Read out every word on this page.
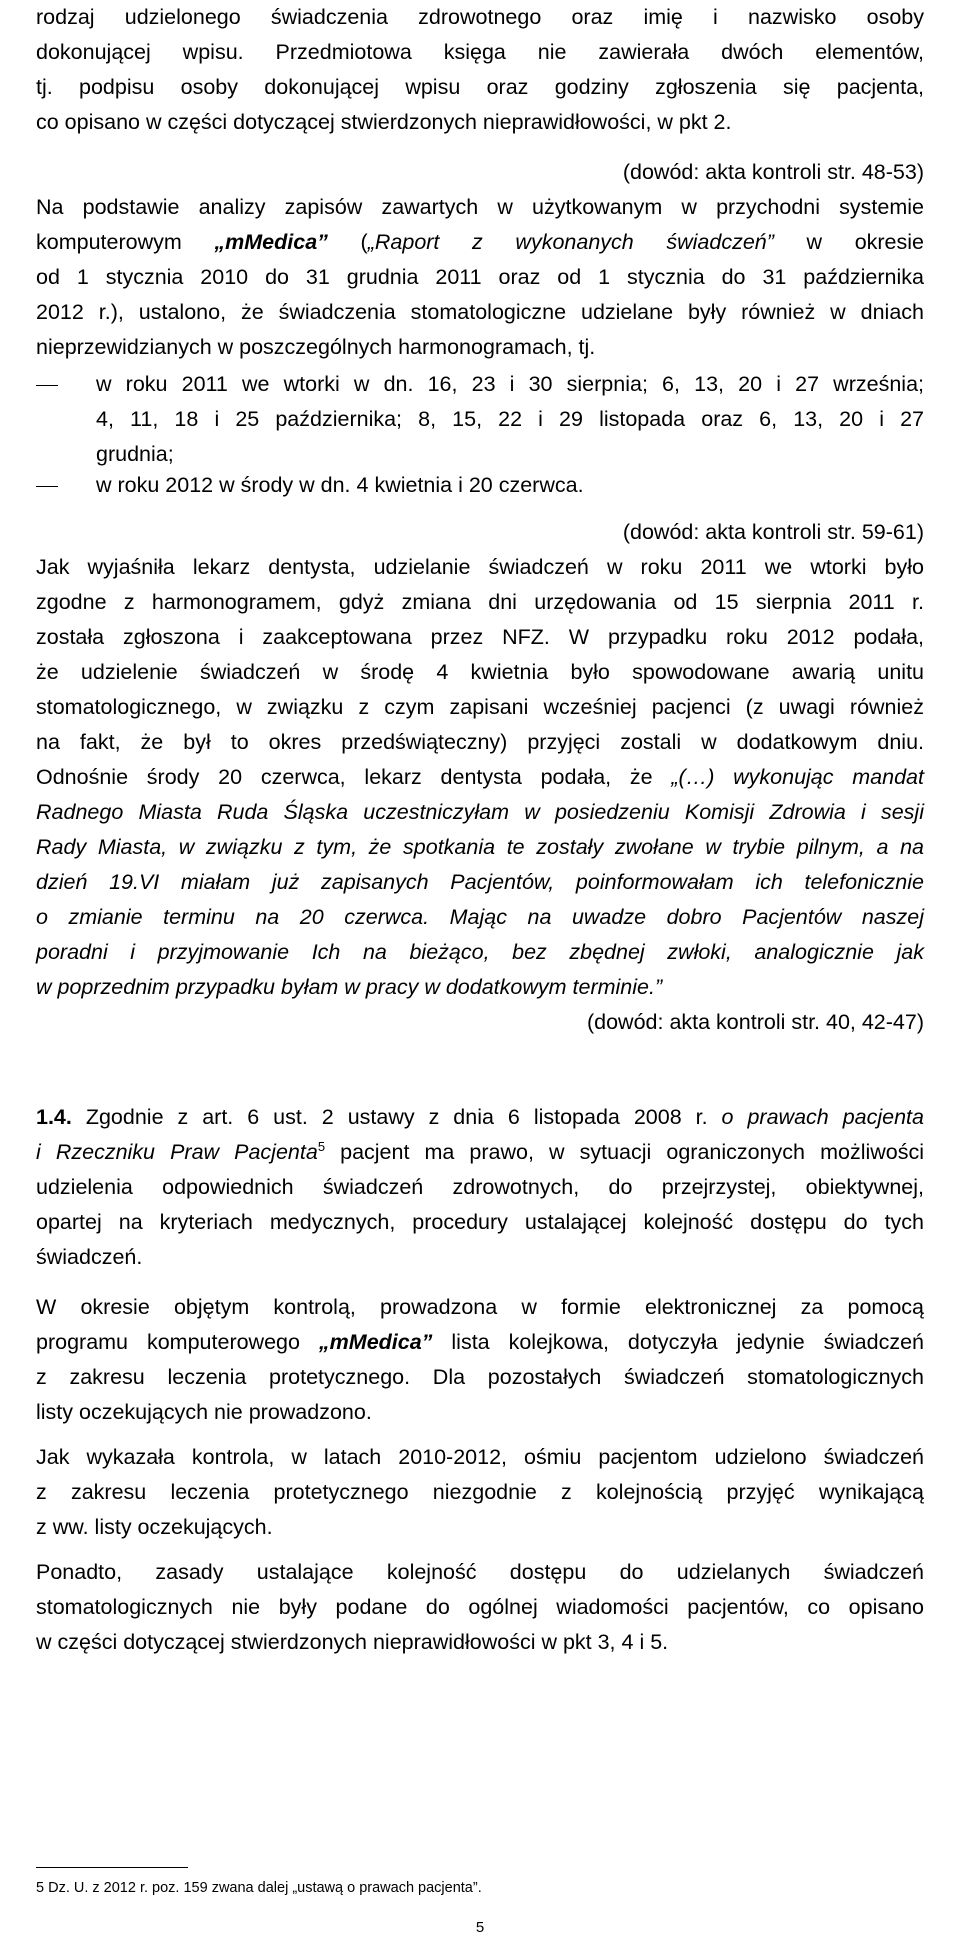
rodzaj udzielonego świadczenia zdrowotnego oraz imię i nazwisko osoby
dokonującej wpisu. Przedmiotowa księga nie zawierała dwóch elementów,
tj. podpisu osoby dokonującej wpisu oraz godziny zgłoszenia się pacjenta,
co opisano w części dotyczącej stwierdzonych nieprawidłowości, w pkt 2.
(dowód: akta kontroli str. 48-53)
Na podstawie analizy zapisów zawartych w użytkowanym w przychodni systemie
komputerowym „mMedica” („Raport z wykonanych świadczeń” w okresie
od 1 stycznia 2010 do 31 grudnia 2011 oraz od 1 stycznia do 31 października
2012 r.), ustalono, że świadczenia stomatologiczne udzielane były również w dniach
nieprzewidzianych w poszczególnych harmonogramach, tj.
w roku 2011 we wtorki w dn. 16, 23 i 30 sierpnia; 6, 13, 20 i 27 września;
4, 11, 18 i 25 października; 8, 15, 22 i 29 listopada oraz 6, 13, 20 i 27
grudnia;
w roku 2012 w środy w dn. 4 kwietnia i 20 czerwca.
(dowód: akta kontroli str. 59-61)
Jak wyjaśniła lekarz dentysta, udzielanie świadczeń w roku 2011 we wtorki było
zgodne z harmonogramem, gdyż zmiana dni urzędowania od 15 sierpnia 2011 r.
została zgłoszona i zaakceptowana przez NFZ. W przypadku roku 2012 podała,
że udzielenie świadczeń w środę 4 kwietnia było spowodowane awarią unitu
stomatologicznego, w związku z czym zapisani wcześniej pacjenci (z uwagi również
na fakt, że był to okres przedświąteczny) przyjęci zostali w dodatkowym dniu.
Odnośnie środy 20 czerwca, lekarz dentysta podała, że „(…) wykonując mandat
Radnego Miasta Ruda Śląska uczestniczyłam w posiedzeniu Komisji Zdrowia i sesji
Rady Miasta, w związku z tym, że spotkania te zostały zwołane w trybie pilnym, a na
dzień 19.VI miałam już zapisanych Pacjentów, poinformowałam ich telefonicznie
o zmianie terminu na 20 czerwca. Mając na uwadze dobro Pacjentów naszej
poradni i przyjmowanie Ich na bieżąco, bez zbędnej zwłoki, analogicznie jak
w poprzednim przypadku byłam w pracy w dodatkowym terminie.”
(dowód: akta kontroli str. 40, 42-47)
1.4. Zgodnie z art. 6 ust. 2 ustawy z dnia 6 listopada 2008 r. o prawach pacjenta
i Rzeczniku Praw Pacjenta$^5$ pacjent ma prawo, w sytuacji ograniczonych możliwości
udzielenia odpowiednich świadczeń zdrowotnych, do przejrzystej, obiektywnej,
opartej na kryteriach medycznych, procedury ustalającej kolejność dostępu do tych
świadczeń.
W okresie objętym kontrolą, prowadzona w formie elektronicznej za pomocą
programu komputerowego „mMedica” lista kolejkowa, dotyczyła jedynie świadczeń
z zakresu leczenia protetycznego. Dla pozostałych świadczeń stomatologicznych
listy oczekujących nie prowadzono.
Jak wykazała kontrola, w latach 2010-2012, ośmiu pacjentom udzielono świadczeń
z zakresu leczenia protetycznego niezgodnie z kolejnością przyjęć wynikającą
z ww. listy oczekujących.
Ponadto, zasady ustalające kolejność dostępu do udzielanych świadczeń
stomatologicznych nie były podane do ogólnej wiadomości pacjentów, co opisano
w części dotyczącej stwierdzonych nieprawidłowości w pkt 3, 4 i 5.
5 Dz. U. z 2012 r. poz. 159 zwana dalej „ustawą o prawach pacjenta”.
5
